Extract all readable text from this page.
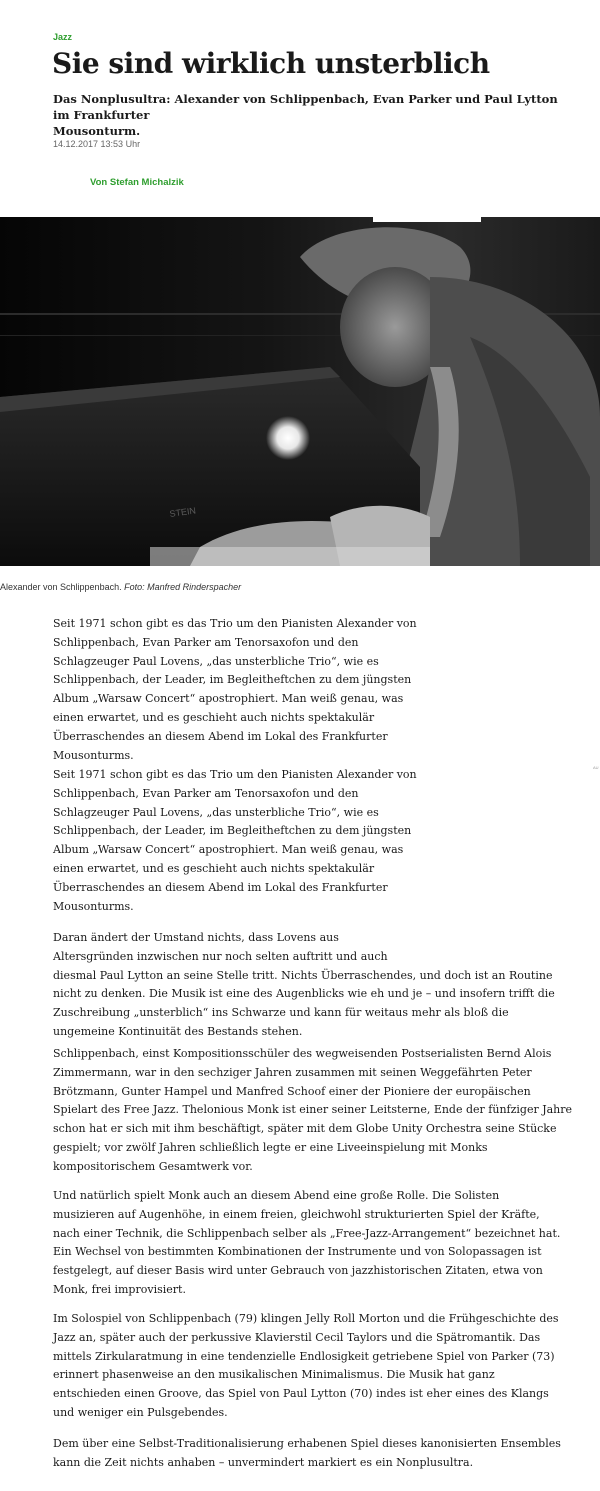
Jazz
Sie sind wirklich unsterblich

Das Nonplusultra: Alexander von Schlippenbach, Evan Parker und Paul Lytton im Frankfurter
Mousonturm.

14.12.2017 13:53 Uhr
Von Stefan Michalzik
STEIN
Alexander von Schlippenbach. Foto: Manfred Rinderspacher
AU
Seit 1971 schon gibt es das Trio um den Pianisten Alexander von
Schlippenbach, Evan Parker am Tenorsaxofon und den
Schlagzeuger Paul Lovens, „das unsterbliche Trio“, wie es
Schlippenbach, der Leader, im Begleitheftchen zu dem jüngsten
Album „Warsaw Concert“ apostrophiert. Man weiß genau, was
einen erwartet, und es geschieht auch nichts spektakulär
Überraschendes an diesem Abend im Lokal des Frankfurter
Mousonturms.
Seit 1971 schon gibt es das Trio um den Pianisten Alexander von
Schlippenbach, Evan Parker am Tenorsaxofon und den
Schlagzeuger Paul Lovens, „das unsterbliche Trio“, wie es
Schlippenbach, der Leader, im Begleitheftchen zu dem jüngsten
Album „Warsaw Concert“ apostrophiert. Man weiß genau, was
einen erwartet, und es geschieht auch nichts spektakulär
Überraschendes an diesem Abend im Lokal des Frankfurter
Mousonturms.
Daran ändert der Umstand nichts, dass Lovens aus
Altersgründen inzwischen nur noch selten auftritt und auch
diesmal Paul Lytton an seine Stelle tritt. Nichts Überraschendes, und doch ist an Routine
nicht zu denken. Die Musik ist eine des Augenblicks wie eh und je – und insofern trifft die
Zuschreibung „unsterblich“ ins Schwarze und kann für weitaus mehr als bloß die
ungemeine Kontinuität des Bestands stehen.
Schlippenbach, einst Kompositionsschüler des wegweisenden Postserialisten Bernd Alois
Zimmermann, war in den sechziger Jahren zusammen mit seinen Weggefährten Peter
Brötzmann, Gunter Hampel und Manfred Schoof einer der Pioniere der europäischen
Spielart des Free Jazz. Thelonious Monk ist einer seiner Leitsterne, Ende der fünfziger Jahre
schon hat er sich mit ihm beschäftigt, später mit dem Globe Unity Orchestra seine Stücke
gespielt; vor zwölf Jahren schließlich legte er eine Liveeinspielung mit Monks
kompositorischem Gesamtwerk vor.
Und natürlich spielt Monk auch an diesem Abend eine große Rolle. Die Solisten
musizieren auf Augenhöhe, in einem freien, gleichwohl strukturierten Spiel der Kräfte,
nach einer Technik, die Schlippenbach selber als „Free-Jazz-Arrangement“ bezeichnet hat.
Ein Wechsel von bestimmten Kombinationen der Instrumente und von Solopassagen ist
festgelegt, auf dieser Basis wird unter Gebrauch von jazzhistorischen Zitaten, etwa von
Monk, frei improvisiert.
Im Solospiel von Schlippenbach (79) klingen Jelly Roll Morton und die Frühgeschichte des
Jazz an, später auch der perkussive Klavierstil Cecil Taylors und die Spätromantik. Das
mittels Zirkularatmung in eine tendenzielle Endlosigkeit getriebene Spiel von Parker (73)
erinnert phasenweise an den musikalischen Minimalismus. Die Musik hat ganz
entschieden einen Groove, das Spiel von Paul Lytton (70) indes ist eher eines des Klangs
und weniger ein Pulsgebendes.
Dem über eine Selbst-Traditionalisierung erhabenen Spiel dieses kanonisierten Ensembles
kann die Zeit nichts anhaben – unvermindert markiert es ein Nonplusultra.
